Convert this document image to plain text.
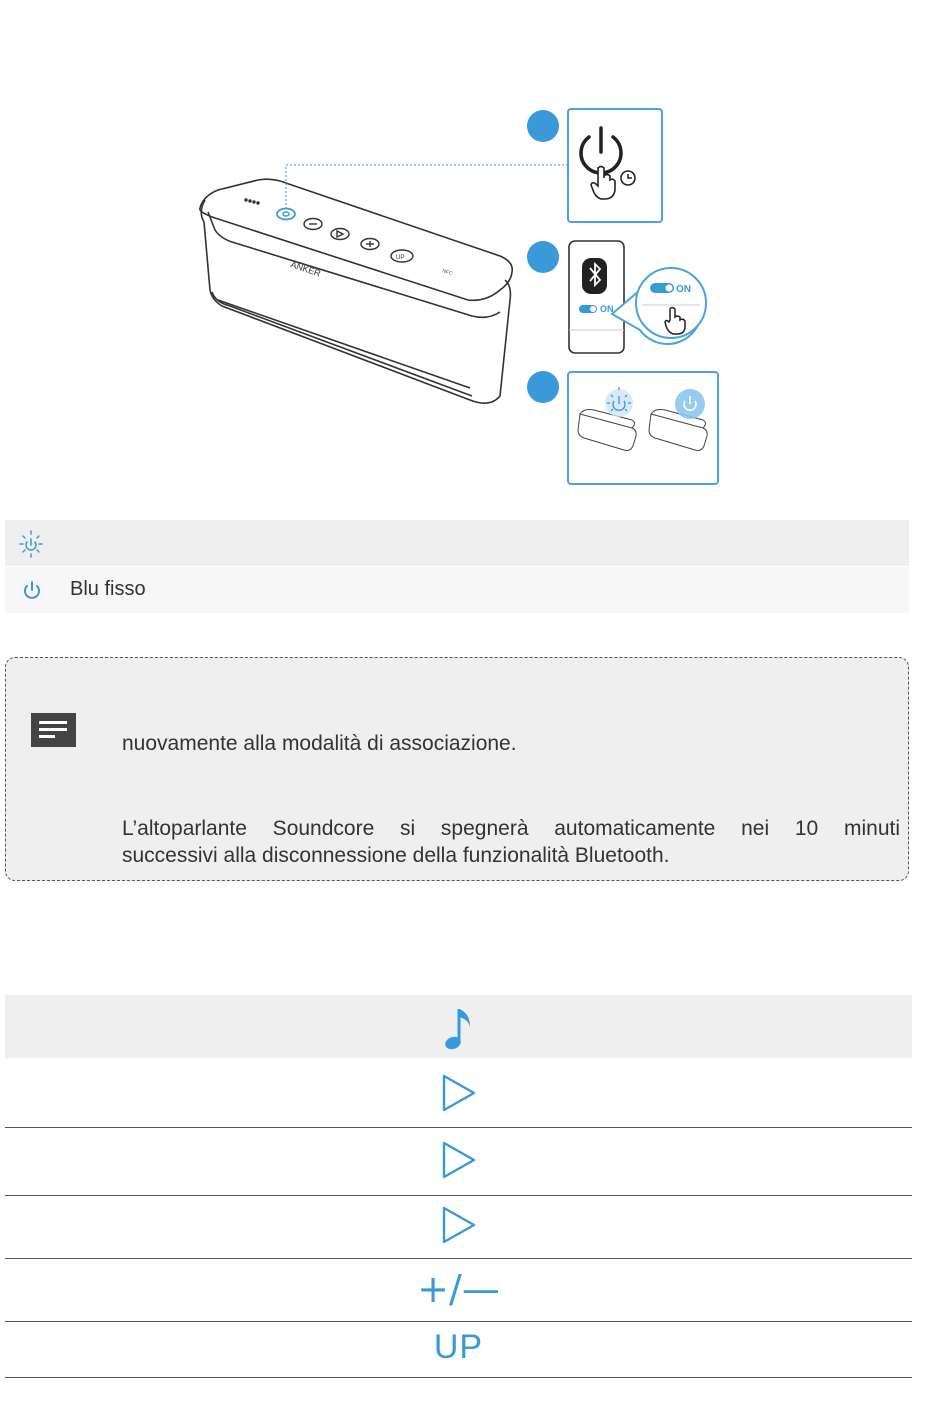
UP
ANKER	NFC
ON
ON
Blu fisso
nuovamente alla modalità di associazione.
L’altoparlante Soundcore si spegnerà automaticamente nei 10 minuti
successivi alla disconnessione della funzionalità Bluetooth.
+/—
UP
